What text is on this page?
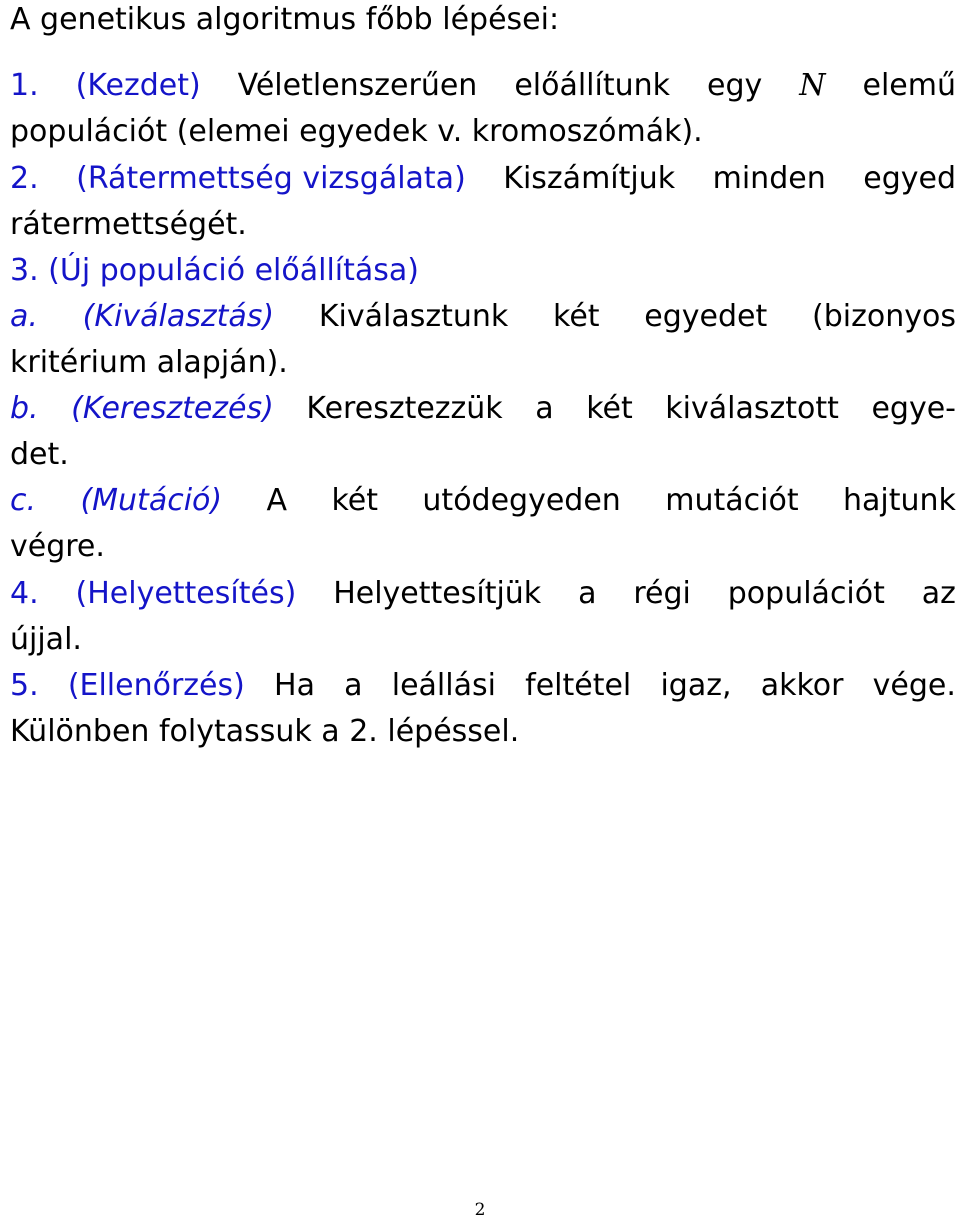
A genetikus algoritmus főbb lépései:
1. (Kezdet) Véletlenszerűen előállítunk egy N elemű
populációt (elemei egyedek v. kromoszómák).
2. (Rátermettség vizsgálata) Kiszámítjuk minden egyed
rátermettségét.
3. (Új populáció előállítása)
a. (Kiválasztás) Kiválasztunk két egyedet (bizonyos
kritérium alapján).
b. (Keresztezés) Keresztezzük a két kiválasztott egye-
det.
c. (Mutáció) A két utódegyeden mutációt hajtunk
végre.
4. (Helyettesítés) Helyettesítjük a régi populációt az
újjal.
5. (Ellenőrzés) Ha a leállási feltétel igaz, akkor vége.
Különben folytassuk a 2. lépéssel.
2
